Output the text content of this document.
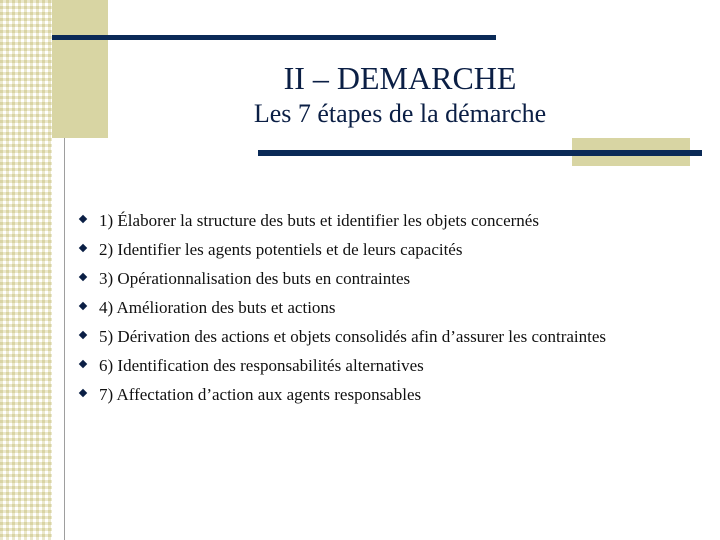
II – DEMARCHE
Les 7 étapes de la démarche
1) Élaborer la structure des buts et identifier les objets concernés
2) Identifier les agents potentiels et de leurs capacités
3) Opérationnalisation des buts en contraintes
4) Amélioration des buts et actions
5) Dérivation des actions et objets consolidés afin d’assurer les contraintes
6) Identification des responsabilités alternatives
7) Affectation d’action aux agents responsables
